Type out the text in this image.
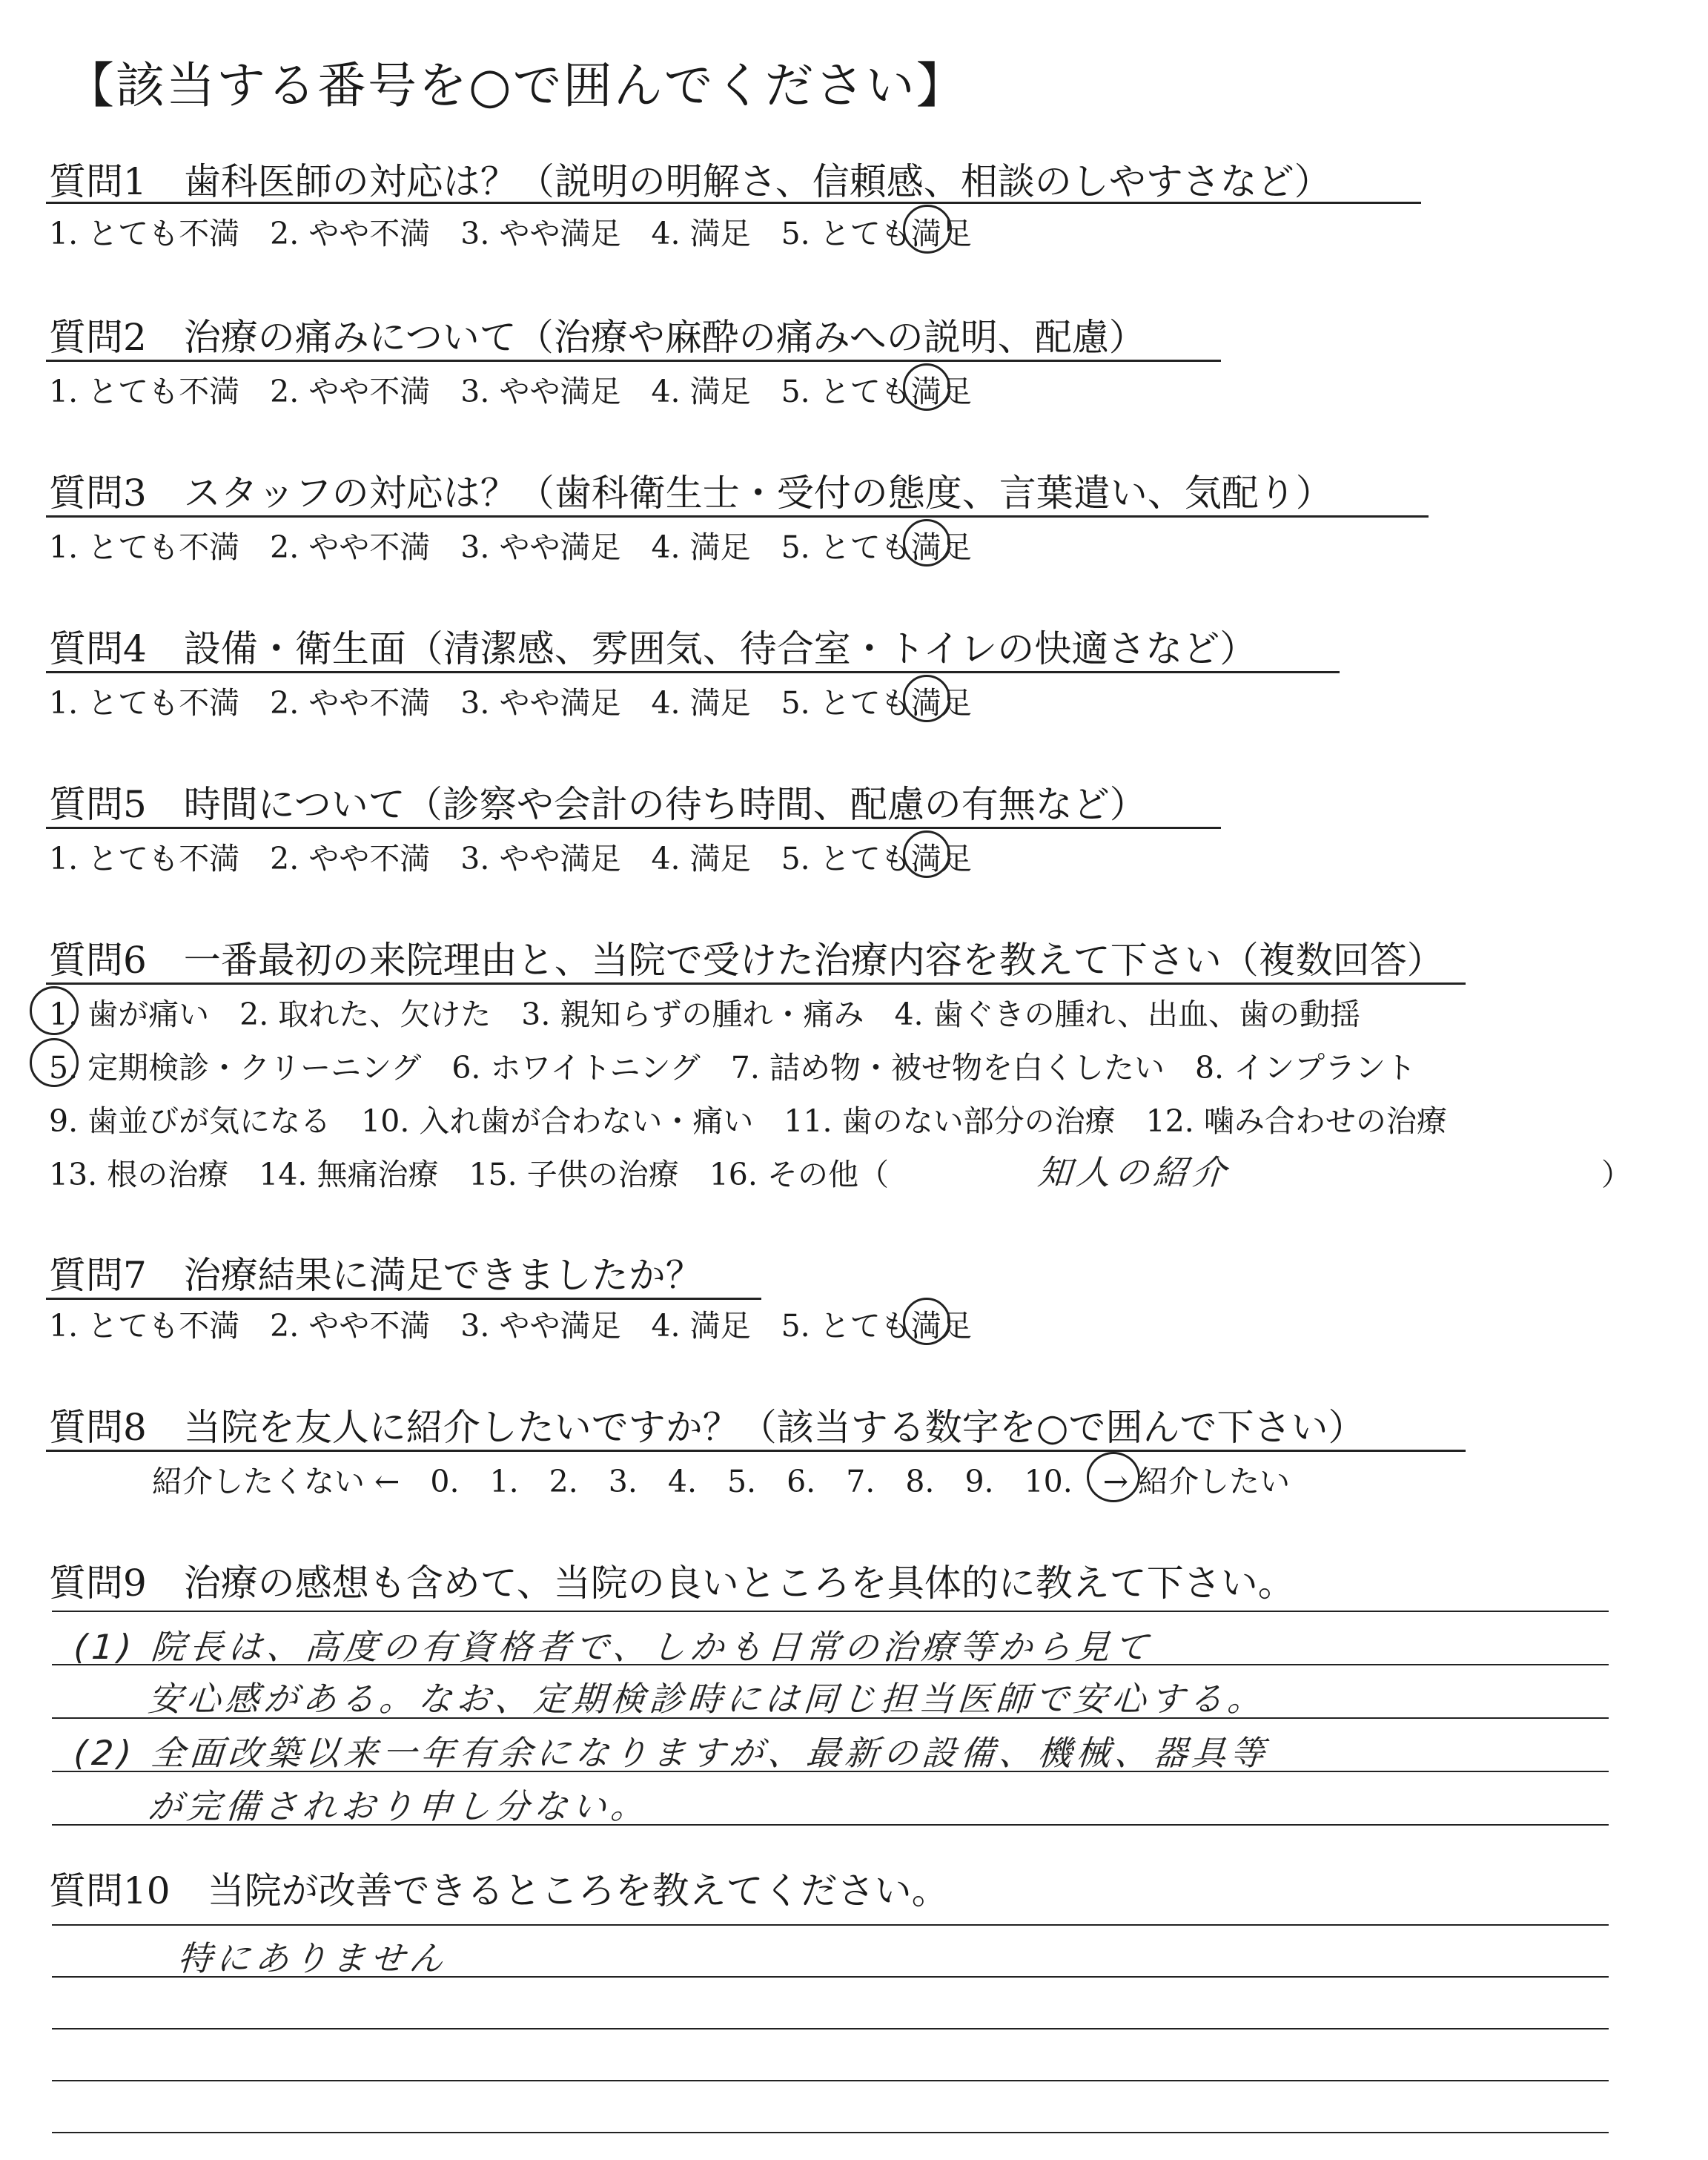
【該当する番号を○で囲んでください】
質問1　歯科医師の対応は？（説明の明解さ、信頼感、相談のしやすさなど）
1. とても不満　2. やや不満　3. やや満足　4. 満足　5. とても満足
質問2　治療の痛みについて（治療や麻酔の痛みへの説明、配慮）
1. とても不満　2. やや不満　3. やや満足　4. 満足　5. とても満足
質問3　スタッフの対応は？（歯科衛生士・受付の態度、言葉遣い、気配り）
1. とても不満　2. やや不満　3. やや満足　4. 満足　5. とても満足
質問4　設備・衛生面（清潔感、雰囲気、待合室・トイレの快適さなど）
1. とても不満　2. やや不満　3. やや満足　4. 満足　5. とても満足
質問5　時間について（診察や会計の待ち時間、配慮の有無など）
1. とても不満　2. やや不満　3. やや満足　4. 満足　5. とても満足
質問6　一番最初の来院理由と、当院で受けた治療内容を教えて下さい（複数回答）
1. 歯が痛い　2. 取れた、欠けた　3. 親知らずの腫れ・痛み　4. 歯ぐきの腫れ、出血、歯の動揺
5. 定期検診・クリーニング　6. ホワイトニング　7. 詰め物・被せ物を白くしたい　8. インプラント
9. 歯並びが気になる　10. 入れ歯が合わない・痛い　11. 歯のない部分の治療　12. 噛み合わせの治療
13. 根の治療　14. 無痛治療　15. 子供の治療　16. その他（	知人の紹介	）
質問7　治療結果に満足できましたか？
1. とても不満　2. やや不満　3. やや満足　4. 満足　5. とても満足
質問8　当院を友人に紹介したいですか？（該当する数字を○で囲んで下さい）
紹介したくない ←　0.　1.　2.　3.　4.　5.　6.　7.　8.　9.　10.　→ 紹介したい
質問9　治療の感想も含めて、当院の良いところを具体的に教えて下さい。
(1) 院長は、高度の有資格者で、しかも日常の治療等から見て
安心感がある。なお、定期検診時には同じ担当医師で安心する。
(2) 全面改築以来一年有余になりますが、最新の設備、機械、器具等
が完備されおり申し分ない。
質問10　当院が改善できるところを教えてください。
特にありません
